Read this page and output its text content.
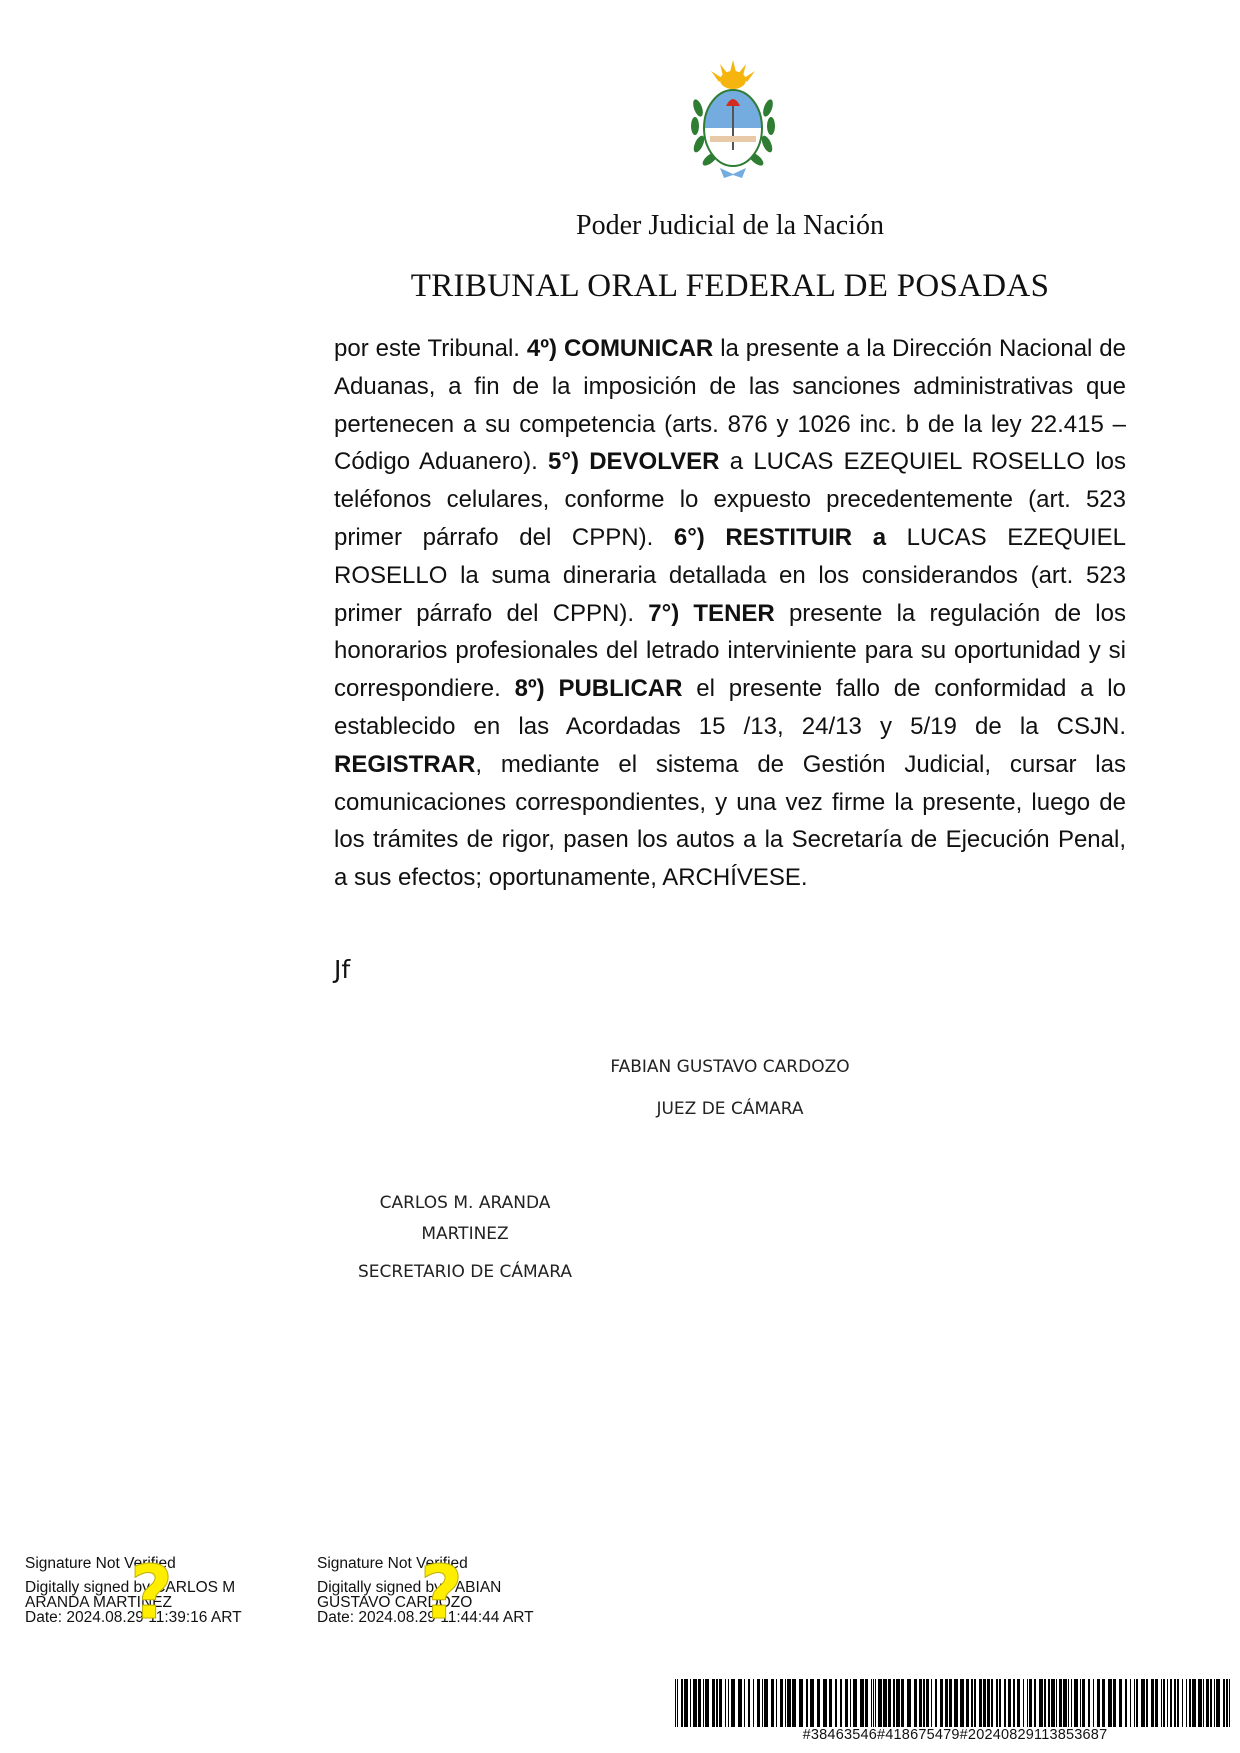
Poder Judicial de la Nación
TRIBUNAL ORAL FEDERAL DE POSADAS

por este Tribunal. 4º) COMUNICAR la presente a la Dirección Nacional de Aduanas, a fin de la imposición de las sanciones administrativas que pertenecen a su competencia (arts. 876 y 1026 inc. b de la ley 22.415 –Código Aduanero). 5°) DEVOLVER a LUCAS EZEQUIEL ROSELLO los teléfonos celulares, conforme lo expuesto precedentemente (art. 523 primer párrafo del CPPN). 6°) RESTITUIR a LUCAS EZEQUIEL ROSELLO la suma dineraria detallada en los considerandos (art. 523 primer párrafo del CPPN). 7°) TENER presente la regulación de los honorarios profesionales del letrado interviniente para su oportunidad y si correspondiere. 8º) PUBLICAR el presente fallo de conformidad a lo establecido en las Acordadas 15 /13, 24/13 y 5/19 de la CSJN. REGISTRAR, mediante el sistema de Gestión Judicial, cursar las comunicaciones correspondientes, y una vez firme la presente, luego de los trámites de rigor, pasen los autos a la Secretaría de Ejecución Penal, a sus efectos; oportunamente, ARCHÍVESE.

Jf
FABIAN GUSTAVO CARDOZO
JUEZ DE CÁMARA
CARLOS M. ARANDA
MARTINEZ
SECRETARIO DE CÁMARA
Signature Not Verified
Digitally signed by CARLOS M
ARANDA MARTINEZ
Date: 2024.08.29 11:39:16 ART
?	Signature Not Verified
Digitally signed by FABIAN
GUSTAVO CARDOZO
Date: 2024.08.29 11:44:44 ART
?
#38463546#418675479#20240829113853687
